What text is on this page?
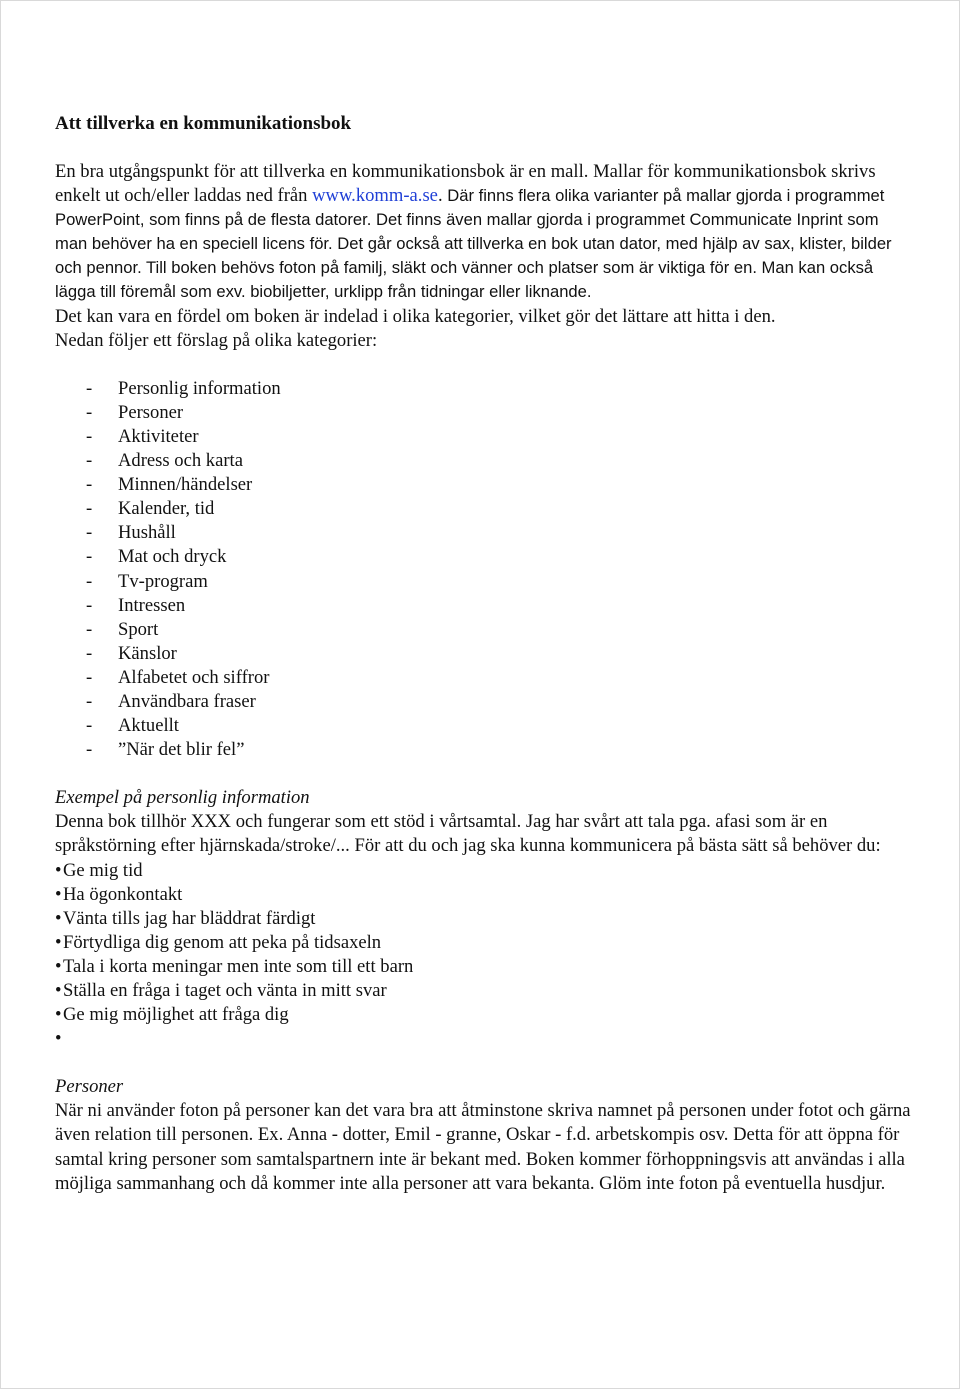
Att tillverka en kommunikationsbok

En bra utgångspunkt för att tillverka en kommunikationsbok är en mall. Mallar för kommunikationsbok skrivs enkelt ut och/eller laddas ned från www.komm-a.se. Där finns flera olika varianter på mallar gjorda i programmet PowerPoint, som finns på de flesta datorer. Det finns även mallar gjorda i programmet Communicate Inprint som man behöver ha en speciell licens för. Det går också att tillverka en bok utan dator, med hjälp av sax, klister, bilder och pennor. Till boken behövs foton på familj, släkt och vänner och platser som är viktiga för en. Man kan också lägga till föremål som exv. biobiljetter, urklipp från tidningar eller liknande.

Det kan vara en fördel om boken är indelad i olika kategorier, vilket gör det lättare att hitta i den.

Nedan följer ett förslag på olika kategorier:

- Personlig information
- Personer
- Aktiviteter
- Adress och karta
- Minnen/händelser
- Kalender, tid
- Hushåll
- Mat och dryck
- Tv-program
- Intressen
- Sport
- Känslor
- Alfabetet och siffror
- Användbara fraser
- Aktuellt
- ”När det blir fel”

Exempel på personlig information

Denna bok tillhör XXX och fungerar som ett stöd i vårtsamtal. Jag har svårt att tala pga. afasi som är en språkstörning efter hjärnskada/stroke/... För att du och jag ska kunna kommunicera på bästa sätt så behöver du:

• Ge mig tid
• Ha ögonkontakt
• Vänta tills jag har bläddrat färdigt
• Förtydliga dig genom att peka på tidsaxeln
• Tala i korta meningar men inte som till ett barn
• Ställa en fråga i taget och vänta in mitt svar
• Ge mig möjlighet att fråga dig
•

Personer

När ni använder foton på personer kan det vara bra att åtminstone skriva namnet på personen under fotot och gärna även relation till personen. Ex. Anna - dotter, Emil - granne, Oskar - f.d. arbetskompis osv. Detta för att öppna för samtal kring personer som samtalspartnern inte är bekant med. Boken kommer förhoppningsvis att användas i alla möjliga sammanhang och då kommer inte alla personer att vara bekanta. Glöm inte foton på eventuella husdjur.
